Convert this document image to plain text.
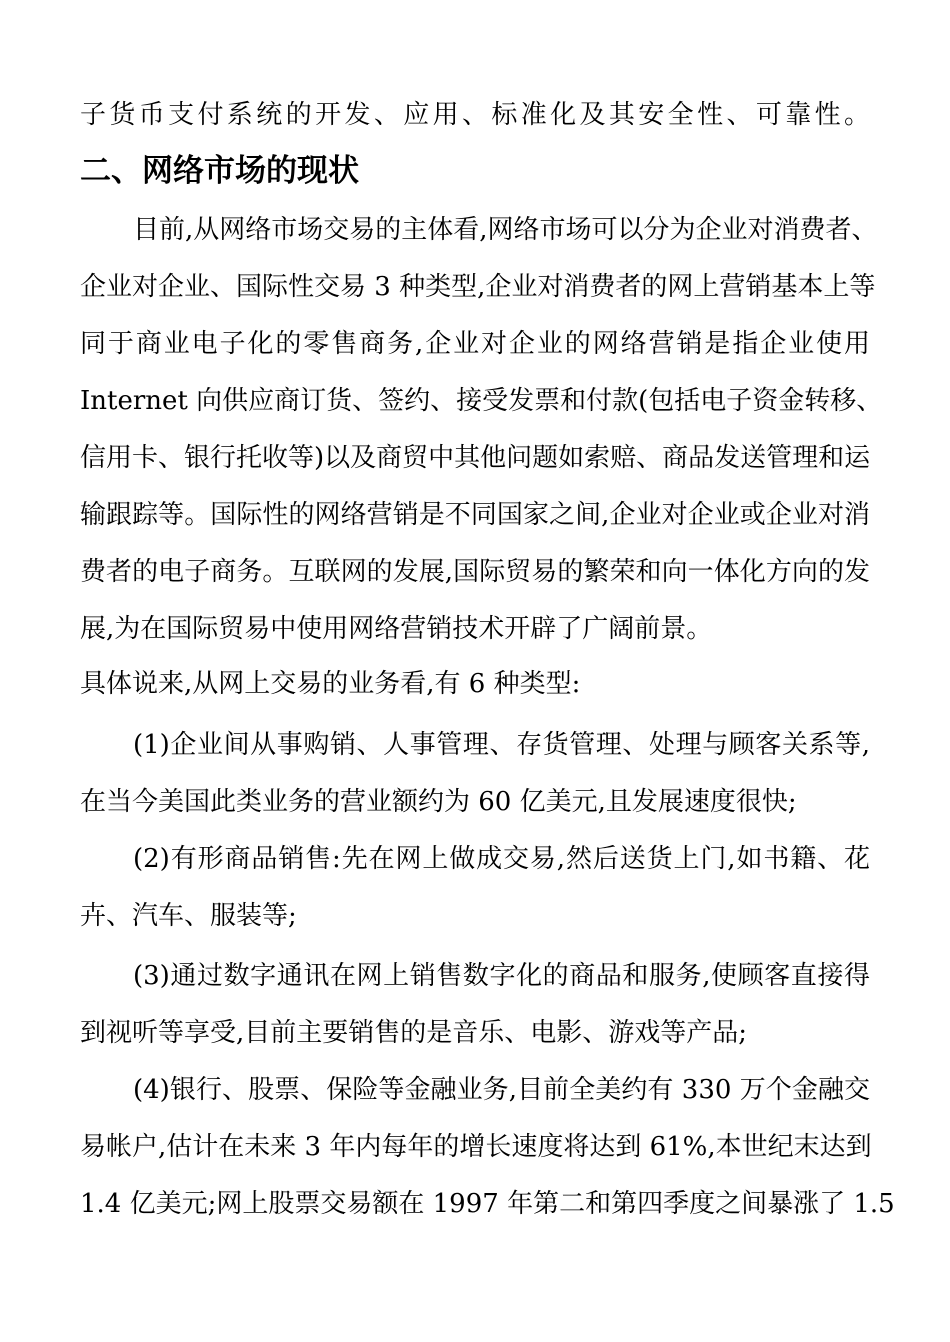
子货币支付系统的开发、应用、标准化及其安全性、可靠性。
二、网络市场的现状
目前,从网络市场交易的主体看,网络市场可以分为企业对消费者、
企业对企业、国际性交易 3 种类型,企业对消费者的网上营销基本上等
同于商业电子化的零售商务,企业对企业的网络营销是指企业使用
Internet 向供应商订货、签约、接受发票和付款(包括电子资金转移、
信用卡、银行托收等)以及商贸中其他问题如索赔、商品发送管理和运
输跟踪等。国际性的网络营销是不同国家之间,企业对企业或企业对消
费者的电子商务。互联网的发展,国际贸易的繁荣和向一体化方向的发
展,为在国际贸易中使用网络营销技术开辟了广阔前景。
具体说来,从网上交易的业务看,有 6 种类型:
(1)企业间从事购销、人事管理、存货管理、处理与顾客关系等,
在当今美国此类业务的营业额约为 60 亿美元,且发展速度很快;
(2)有形商品销售:先在网上做成交易,然后送货上门,如书籍、花
卉、汽车、服装等;
(3)通过数字通讯在网上销售数字化的商品和服务,使顾客直接得
到视听等享受,目前主要销售的是音乐、电影、游戏等产品;
(4)银行、股票、保险等金融业务,目前全美约有 330 万个金融交
易帐户,估计在未来 3 年内每年的增长速度将达到 61%,本世纪末达到
1.4 亿美元;网上股票交易额在 1997 年第二和第四季度之间暴涨了 1.5
